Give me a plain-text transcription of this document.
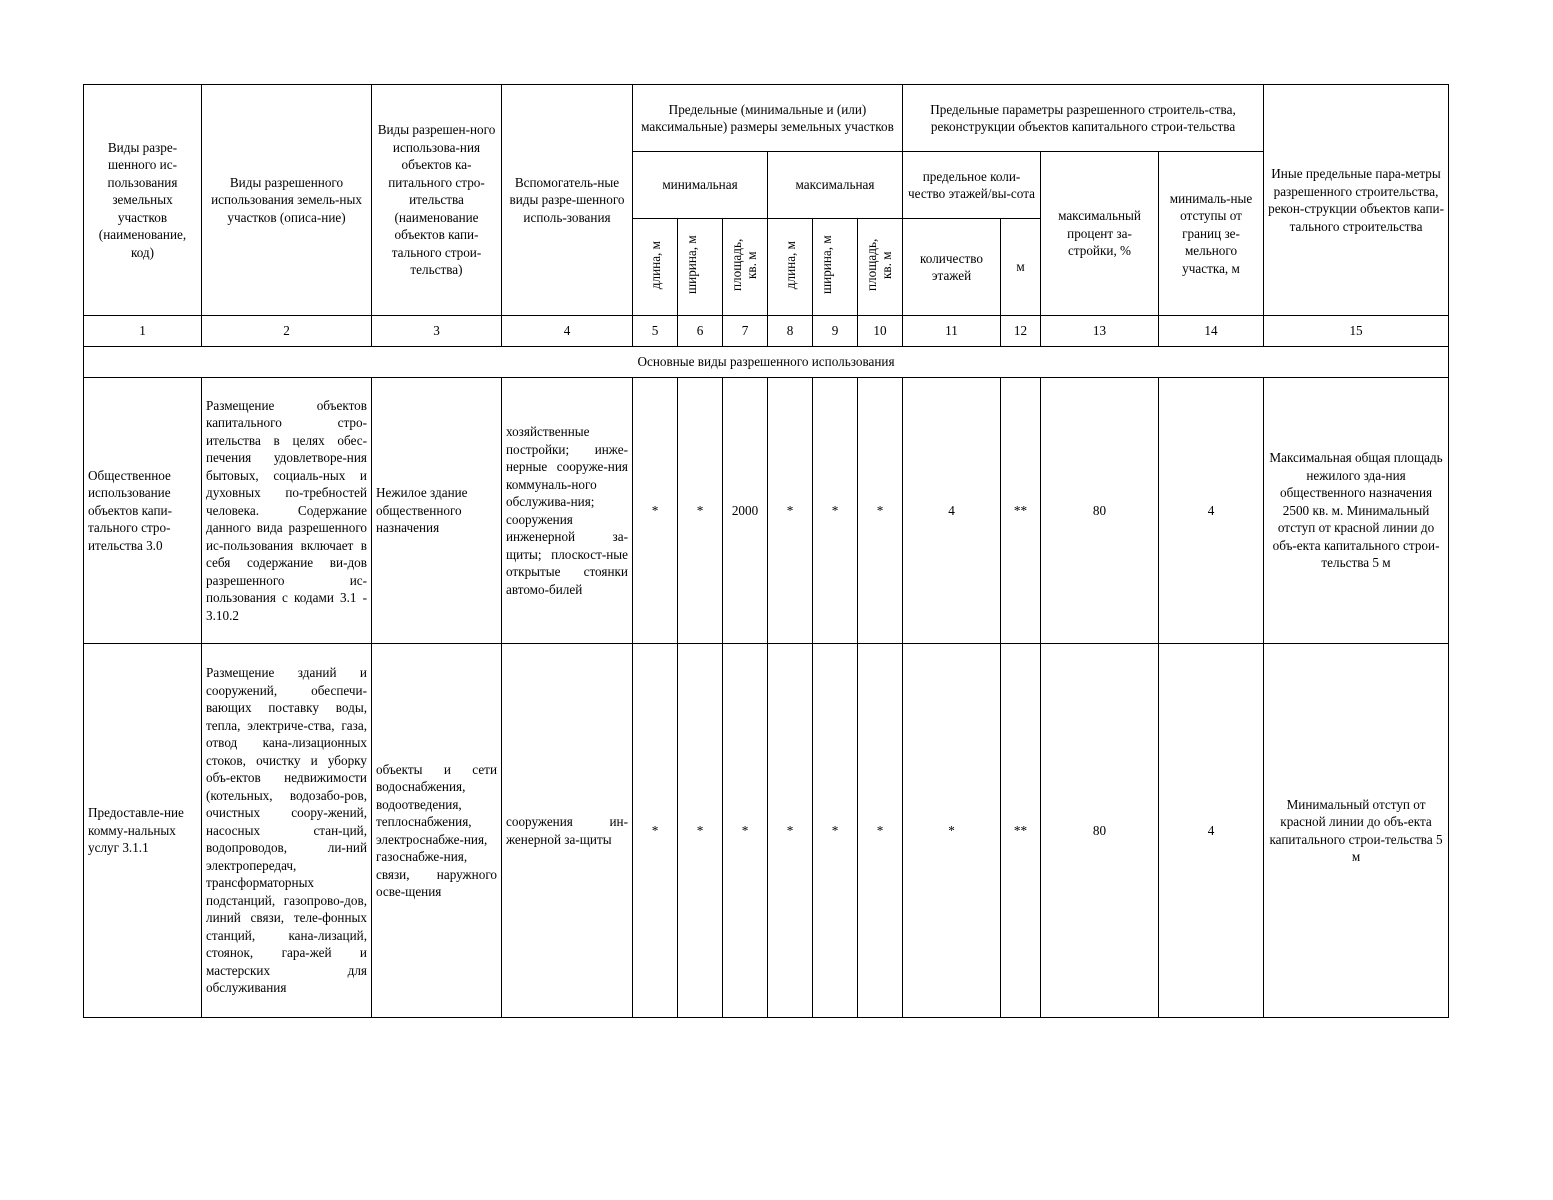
Виды разре-шенного ис-пользования земельных участков (наименование, код)	Виды разрешенного использования земель-ных участков (описа-ние)	Виды разрешен-ного использова-ния объектов ка-питального стро-ительства (наименование объектов капи-тального строи-тельства)	Вспомогатель-ные виды разре-шенного исполь-зования	Предельные (минимальные и (или) максимальные) размеры земельных участков						Предельные параметры разрешенного строитель-ства, реконструкции объектов капитального строи-тельства				Иные предельные пара-метры разрешенного строительства, рекон-струкции объектов капи-тального строительства
				минимальная			максимальная			предельное коли-чество этажей/вы-сота		максимальный процент за-стройки, %	минималь-ные отступы от границ зе-мельного участка, м	

				длина, м	ширина, м	площадь, кв. м	длина, м	ширина, м	площадь, кв. м	количество этажей	м			
1	2	3	4	5	6	7	8	9	10	11	12	13	14	15
Основные виды разрешенного использования														
Общественное использование объектов капи-тального стро-ительства 3.0	Размещение объектов капитального стро-ительства в целях обес-печения удовлетворе-ния бытовых, социаль-ных и духовных по-требностей человека. Содержание данного вида разрешенного ис-пользования включает в себя содержание ви-дов разрешенного ис-пользования с кодами 3.1 - 3.10.2	Нежилое здание общественного назначения	хозяйственные постройки; инже-нерные сооруже-ния коммуналь-ного обслужива-ния; сооружения инженерной за-щиты; плоскост-ные открытые стоянки автомо-билей	*	*	2000	*	*	*	4	**	80	4	Максимальная общая площадь нежилого зда-ния общественного назначения 2500 кв. м. Минимальный отступ от красной линии до объ-екта капитального строи-тельства 5 м
Предоставле-ние комму-нальных услуг 3.1.1	Размещение зданий и сооружений, обеспечи-вающих поставку воды, тепла, электриче-ства, газа, отвод кана-лизационных стоков, очистку и уборку объ-ектов недвижимости (котельных, водозабо-ров, очистных соору-жений, насосных стан-ций, водопроводов, ли-ний электропередач, трансформаторных подстанций, газопрово-дов, линий связи, теле-фонных станций, кана-лизаций, стоянок, гара-жей и мастерских для обслуживания	объекты и сети водоснабжения, водоотведения, теплоснабжения, электроснабже-ния, газоснабже-ния, связи, наружного осве-щения	сооружения ин-женерной за-щиты	*	*	*	*	*	*	*	**	80	4	Минимальный отступ от красной линии до объ-екта капитального строи-тельства 5 м
